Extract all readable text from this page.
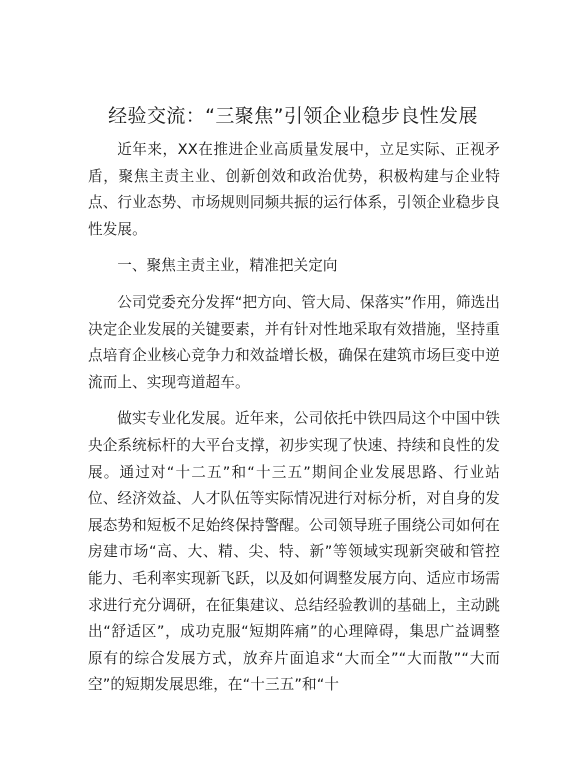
经验交流：“三聚焦”引领企业稳步良性发展

近年来，XX在推进企业高质量发展中，立足实际、正视矛盾，聚焦主责主业、创新创效和政治优势，积极构建与企业特点、行业态势、市场规则同频共振的运行体系，引领企业稳步良性发展。

一、聚焦主责主业，精准把关定向

公司党委充分发挥“把方向、管大局、保落实”作用，筛选出决定企业发展的关键要素，并有针对性地采取有效措施，坚持重点培育企业核心竞争力和效益增长极，确保在建筑市场巨变中逆流而上、实现弯道超车。

做实专业化发展。近年来，公司依托中铁四局这个中国中铁央企系统标杆的大平台支撑，初步实现了快速、持续和良性的发展。通过对“十二五”和“十三五”期间企业发展思路、行业站位、经济效益、人才队伍等实际情况进行对标分析，对自身的发展态势和短板不足始终保持警醒。公司领导班子围绕公司如何在房建市场“高、大、精、尖、特、新”等领域实现新突破和管控能力、毛利率实现新飞跃，以及如何调整发展方向、适应市场需求进行充分调研，在征集建议、总结经验教训的基础上，主动跳出“舒适区”，成功克服“短期阵痛”的心理障碍，集思广益调整原有的综合发展方式，放弃片面追求“大而全”“大而散”“大而空”的短期发展思维，在“十三五”和“十
